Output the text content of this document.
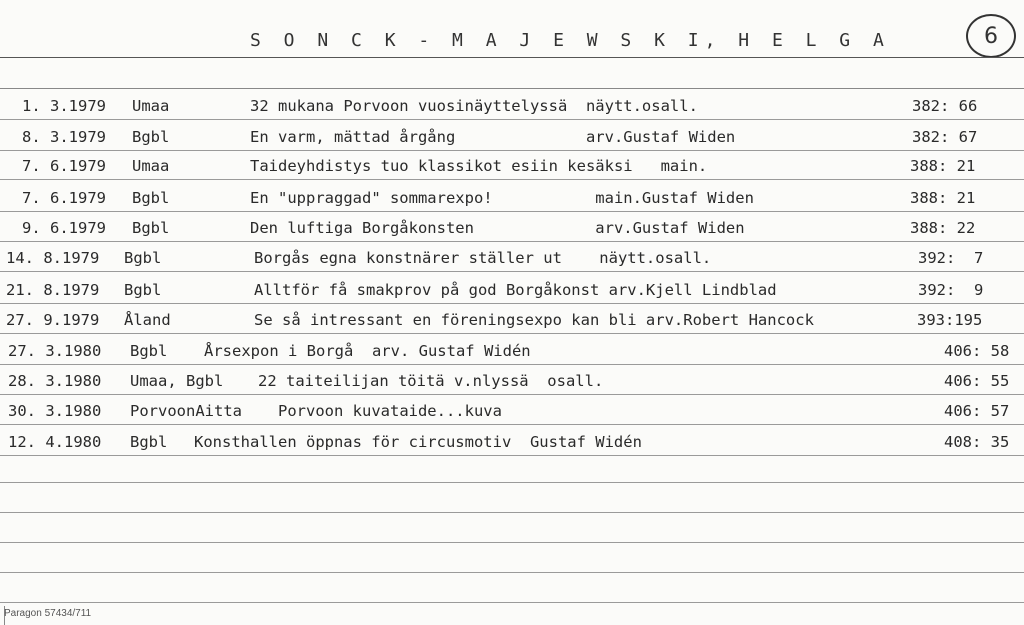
S O N C K - M A J E W S K I, H E L G A	6
1. 3.1979 Umaa	32 mukana Porvoon vuosinäyttelyssä  näytt.osall.	382: 66
8. 3.1979 Bgbl	En varm, mättad årgång              arv.Gustaf Widen	382: 67
7. 6.1979 Umaa	Taideyhdistys tuo klassikot esiin kesäksi   main.	388: 21
7. 6.1979 Bgbl	En "uppraggad" sommarexpo!           main.Gustaf Widen	388: 21
9. 6.1979 Bgbl	Den luftiga Borgåkonsten             arv.Gustaf Widen	388: 22
14. 8.1979 Bgbl	Borgås egna konstnärer ställer ut    näytt.osall.	392:  7
21. 8.1979 Bgbl	Alltför få smakprov på god Borgåkonst arv.Kjell Lindblad	392:  9
27. 9.1979 Åland	Se så intressant en föreningsexpo kan bli arv.Robert Hancock	393:195
27. 3.1980 Bgbl Årsexpon i Borgå  arv. Gustaf Widén	406: 58
28. 3.1980 Umaa, Bgbl 22 taiteilijan töitä v.nlyssä  osall.	406: 55
30. 3.1980 PorvoonAitta Porvoon kuvataide...kuva	406: 57
12. 4.1980 Bgbl Konsthallen öppnas för circusmotiv  Gustaf Widén	408: 35
Paragon 57434/711
